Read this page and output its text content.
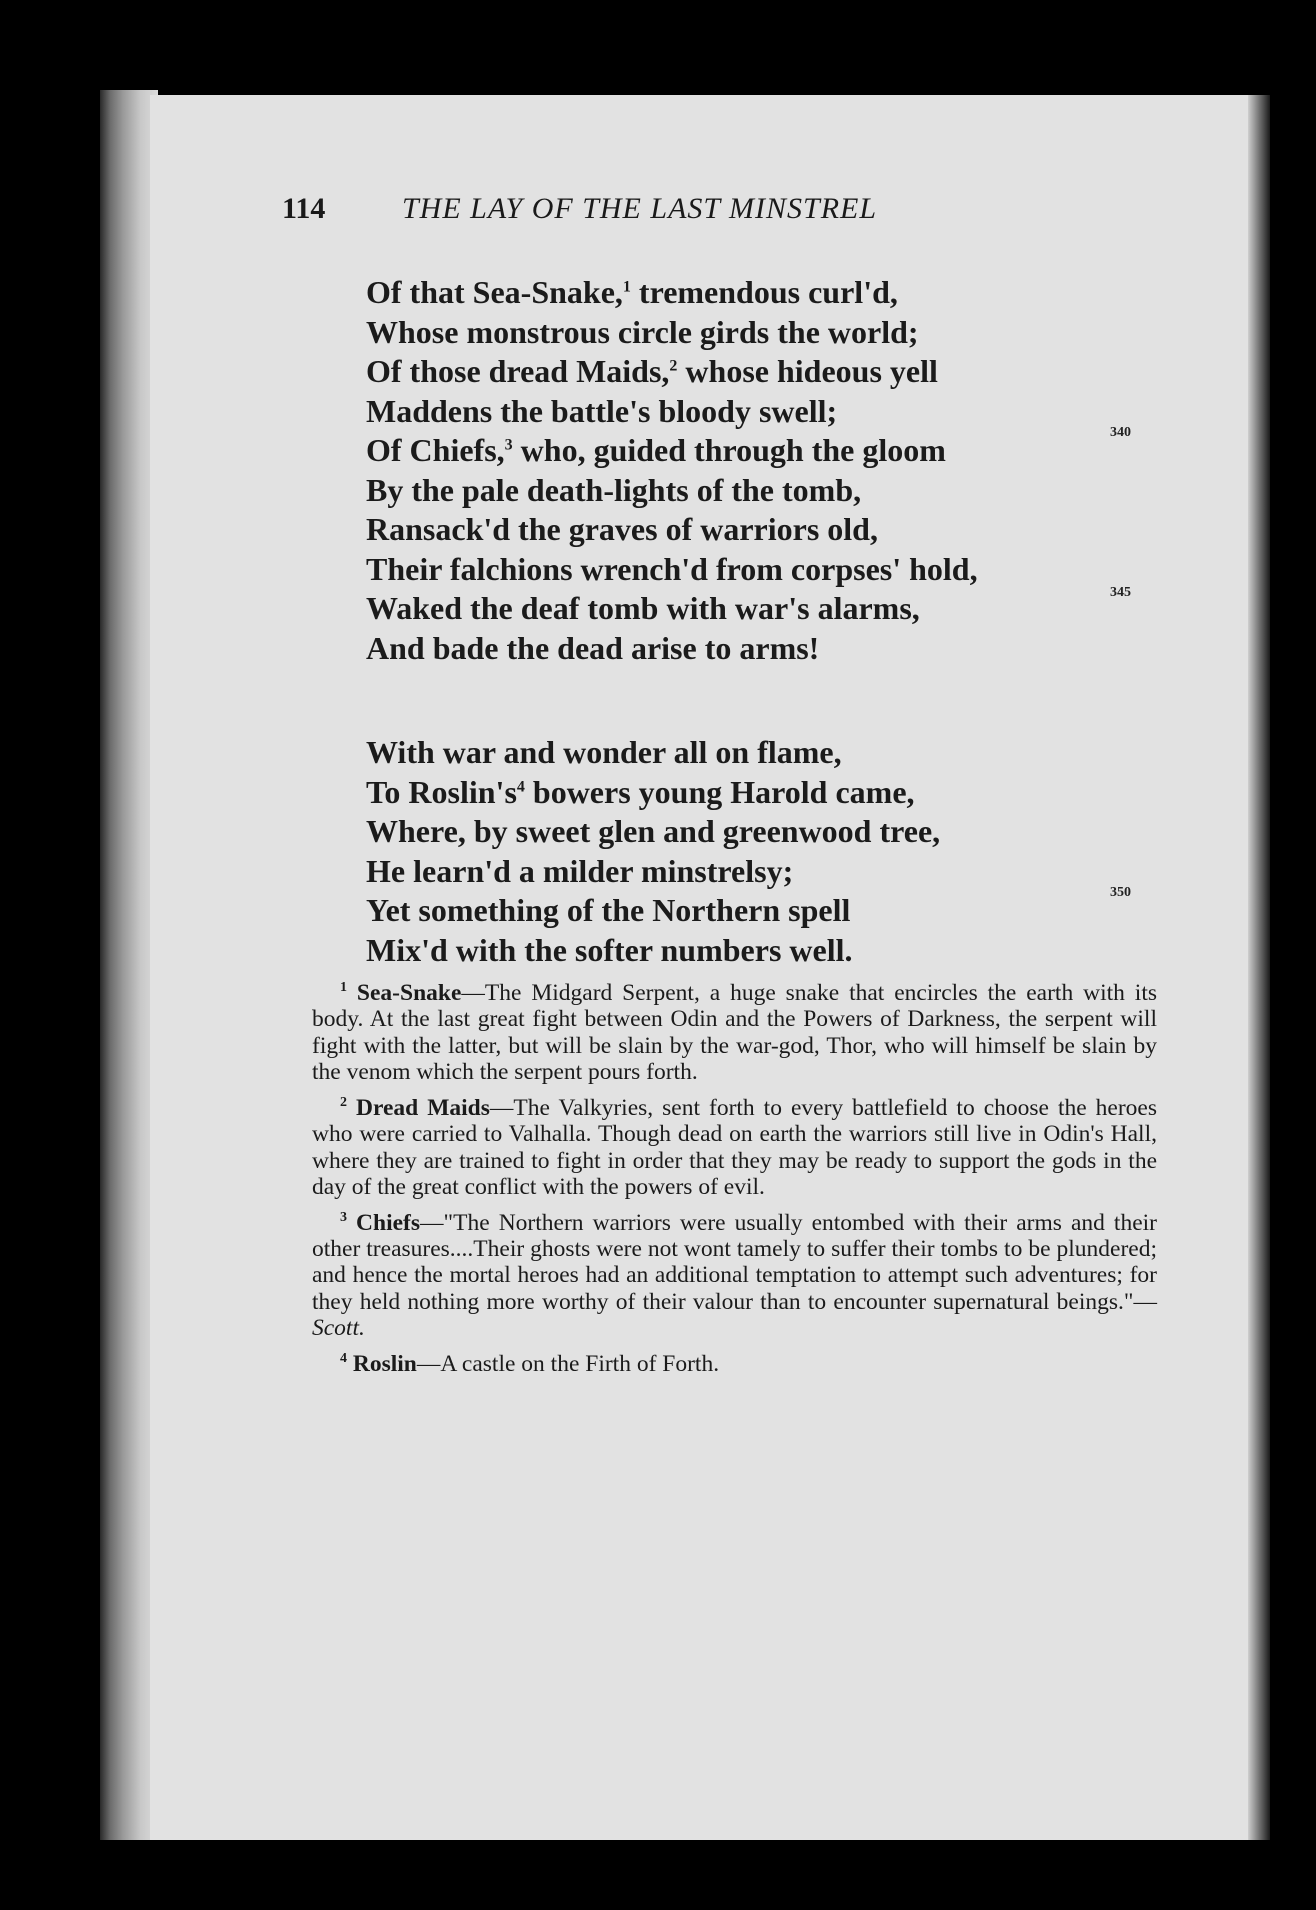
114	THE LAY OF THE LAST MINSTREL
Of that Sea-Snake,$^1$ tremendous curl'd,
Whose monstrous circle girds the world;
Of those dread Maids,$^2$ whose hideous yell
Maddens the battle's bloody swell;
Of Chiefs,$^3$ who, guided through the gloom
By the pale death-lights of the tomb,
Ransack'd the graves of warriors old,
Their falchions wrench'd from corpses' hold,
Waked the deaf tomb with war's alarms,
And bade the dead arise to arms!
340
345
With war and wonder all on flame,
To Roslin's$^4$ bowers young Harold came,
Where, by sweet glen and greenwood tree,
He learn'd a milder minstrelsy;
Yet something of the Northern spell
Mix'd with the softer numbers well.
350

$^1$ Sea-Snake—The Midgard Serpent, a huge snake that encircles the earth with its body. At the last great fight between Odin and the Powers of Darkness, the serpent will fight with the latter, but will be slain by the war-god, Thor, who will himself be slain by the venom which the serpent pours forth.

$^2$ Dread Maids—The Valkyries, sent forth to every battlefield to choose the heroes who were carried to Valhalla. Though dead on earth the warriors still live in Odin's Hall, where they are trained to fight in order that they may be ready to support the gods in the day of the great conflict with the powers of evil.

$^3$ Chiefs—"The Northern warriors were usually entombed with their arms and their other treasures....Their ghosts were not wont tamely to suffer their tombs to be plundered; and hence the mortal heroes had an additional temptation to attempt such adventures; for they held nothing more worthy of their valour than to encounter supernatural beings."—Scott.

$^4$ Roslin—A castle on the Firth of Forth.
